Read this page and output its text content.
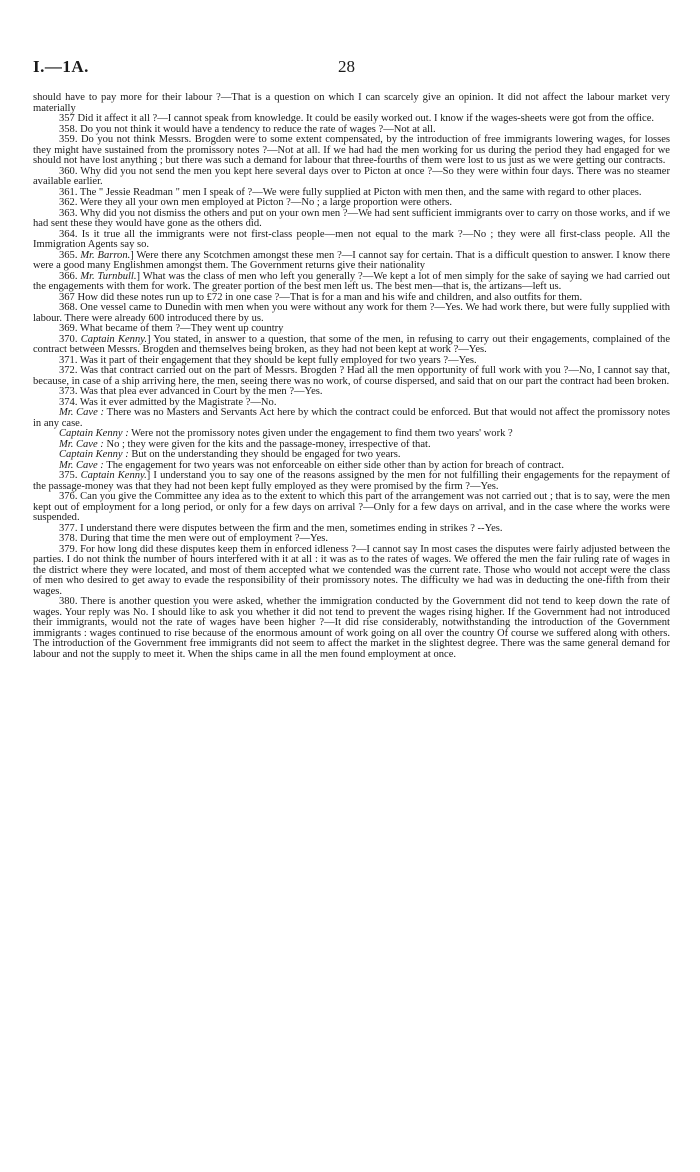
I.—1A.	28

should have to pay more for their labour ?—That is a question on which I can scarcely give an opinion. It did not affect the labour market very materially

357 Did it affect it all ?—I cannot speak from knowledge. It could be easily worked out. I know if the wages-sheets were got from the office.

358. Do you not think it would have a tendency to reduce the rate of wages ?—Not at all.

359. Do you not think Messrs. Brogden were to some extent compensated, by the introduction of free immigrants lowering wages, for losses they might have sustained from the promissory notes ?—Not at all. If we had had the men working for us during the period they had engaged for we should not have lost anything ; but there was such a demand for labour that three-fourths of them were lost to us just as we were getting our contracts.

360. Why did you not send the men you kept here several days over to Picton at once ?—So they were within four days. There was no steamer available earlier.

361. The " Jessie Readman " men I speak of ?—We were fully supplied at Picton with men then, and the same with regard to other places.

362. Were they all your own men employed at Picton ?—No ; a large proportion were others.

363. Why did you not dismiss the others and put on your own men ?—We had sent sufficient immigrants over to carry on those works, and if we had sent these they would have gone as the others did.

364. Is it true all the immigrants were not first-class people—men not equal to the mark ?—No ; they were all first-class people. All the Immigration Agents say so.

365. Mr. Barron.] Were there any Scotchmen amongst these men ?—I cannot say for certain. That is a difficult question to answer. I know there were a good many Englishmen amongst them. The Government returns give their nationality

366. Mr. Turnbull.] What was the class of men who left you generally ?—We kept a lot of men simply for the sake of saying we had carried out the engagements with them for work. The greater portion of the best men left us. The best men—that is, the artizans—left us.

367 How did these notes run up to £72 in one case ?—That is for a man and his wife and children, and also outfits for them.

368. One vessel came to Dunedin with men when you were without any work for them ?—Yes. We had work there, but were fully supplied with labour. There were already 600 introduced there by us.

369. What became of them ?—They went up country

370. Captain Kenny.] You stated, in answer to a question, that some of the men, in refusing to carry out their engagements, complained of the contract between Messrs. Brogden and themselves being broken, as they had not been kept at work ?—Yes.

371. Was it part of their engagement that they should be kept fully employed for two years ?—Yes.

372. Was that contract carried out on the part of Messrs. Brogden ? Had all the men opportunity of full work with you ?—No, I cannot say that, because, in case of a ship arriving here, the men, seeing there was no work, of course dispersed, and said that on our part the contract had been broken.

373. Was that plea ever advanced in Court by the men ?—Yes.

374. Was it ever admitted by the Magistrate ?—No.

Mr. Cave : There was no Masters and Servants Act here by which the contract could be enforced. But that would not affect the promissory notes in any case.

Captain Kenny : Were not the promissory notes given under the engagement to find them two years' work ?

Mr. Cave : No ; they were given for the kits and the passage-money, irrespective of that.

Captain Kenny : But on the understanding they should be engaged for two years.

Mr. Cave : The engagement for two years was not enforceable on either side other than by action for breach of contract.

375. Captain Kenny.] I understand you to say one of the reasons assigned by the men for not fulfilling their engagements for the repayment of the passage-money was that they had not been kept fully employed as they were promised by the firm ?—Yes.

376. Can you give the Committee any idea as to the extent to which this part of the arrangement was not carried out ; that is to say, were the men kept out of employment for a long period, or only for a few days on arrival ?—Only for a few days on arrival, and in the case where the works were suspended.

377. I understand there were disputes between the firm and the men, sometimes ending in strikes ? --Yes.

378. During that time the men were out of employment ?—Yes.

379. For how long did these disputes keep them in enforced idleness ?—I cannot say In most cases the disputes were fairly adjusted between the parties. I do not think the number of hours interfered with it at all : it was as to the rates of wages. We offered the men the fair ruling rate of wages in the district where they were located, and most of them accepted what we contended was the current rate. Those who would not accept were the class of men who desired to get away to evade the responsibility of their promissory notes. The difficulty we had was in deducting the one-fifth from their wages.

380. There is another question you were asked, whether the immigration conducted by the Government did not tend to keep down the rate of wages. Your reply was No. I should like to ask you whether it did not tend to prevent the wages rising higher. If the Government had not introduced their immigrants, would not the rate of wages have been higher ?—It did rise considerably, notwithstanding the introduction of the Government immigrants : wages continued to rise because of the enormous amount of work going on all over the country Of course we suffered along with others. The introduction of the Government free immigrants did not seem to affect the market in the slightest degree. There was the same general demand for labour and not the supply to meet it. When the ships came in all the men found employment at once.
